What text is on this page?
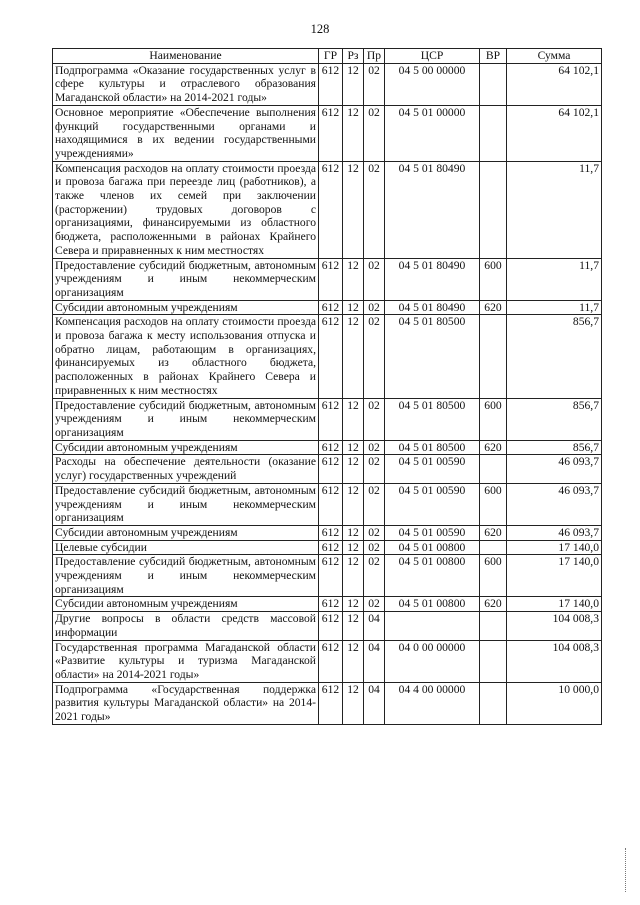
128
Наименование	ГР	Рз	Пр	ЦСР	ВР	Сумма
Подпрограмма «Оказание государственных услуг в сфере культуры и отраслевого образования Магаданской области» на 2014-2021 годы»	612	12	02	04 5 00 00000		64 102,1
Основное мероприятие «Обеспечение выполнения функций государственными органами и находящимися в их ведении государственными учреждениями»	612	12	02	04 5 01 00000		64 102,1
Компенсация расходов на оплату стоимости проезда и провоза багажа при переезде лиц (работников), а также членов их семей при заключении (расторжении) трудовых договоров с организациями, финансируемыми из областного бюджета, расположенными в районах Крайнего Севера и приравненных к ним местностях	612	12	02	04 5 01 80490		11,7
Предоставление субсидий бюджетным, автономным учреждениям и иным некоммерческим организациям	612	12	02	04 5 01 80490	600	11,7
Субсидии автономным учреждениям	612	12	02	04 5 01 80490	620	11,7
Компенсация расходов на оплату стоимости проезда и провоза багажа к месту использования отпуска и обратно лицам, работающим в организациях, финансируемых из областного бюджета, расположенных в районах Крайнего Севера и приравненных к ним местностях	612	12	02	04 5 01 80500		856,7
Предоставление субсидий бюджетным, автономным учреждениям и иным некоммерческим организациям	612	12	02	04 5 01 80500	600	856,7
Субсидии автономным учреждениям	612	12	02	04 5 01 80500	620	856,7
Расходы на обеспечение деятельности (оказание услуг) государственных учреждений	612	12	02	04 5 01 00590		46 093,7
Предоставление субсидий бюджетным, автономным учреждениям и иным некоммерческим организациям	612	12	02	04 5 01 00590	600	46 093,7
Субсидии автономным учреждениям	612	12	02	04 5 01 00590	620	46 093,7
Целевые субсидии	612	12	02	04 5 01 00800		17 140,0
Предоставление субсидий бюджетным, автономным учреждениям и иным некоммерческим организациям	612	12	02	04 5 01 00800	600	17 140,0
Субсидии автономным учреждениям	612	12	02	04 5 01 00800	620	17 140,0
Другие вопросы в области средств массовой информации	612	12	04			104 008,3
Государственная программа Магаданской области «Развитие культуры и туризма Магаданской области» на 2014-2021 годы»	612	12	04	04 0 00 00000		104 008,3
Подпрограмма «Государственная поддержка развития культуры Магаданской области» на 2014-2021 годы»	612	12	04	04 4 00 00000		10 000,0
